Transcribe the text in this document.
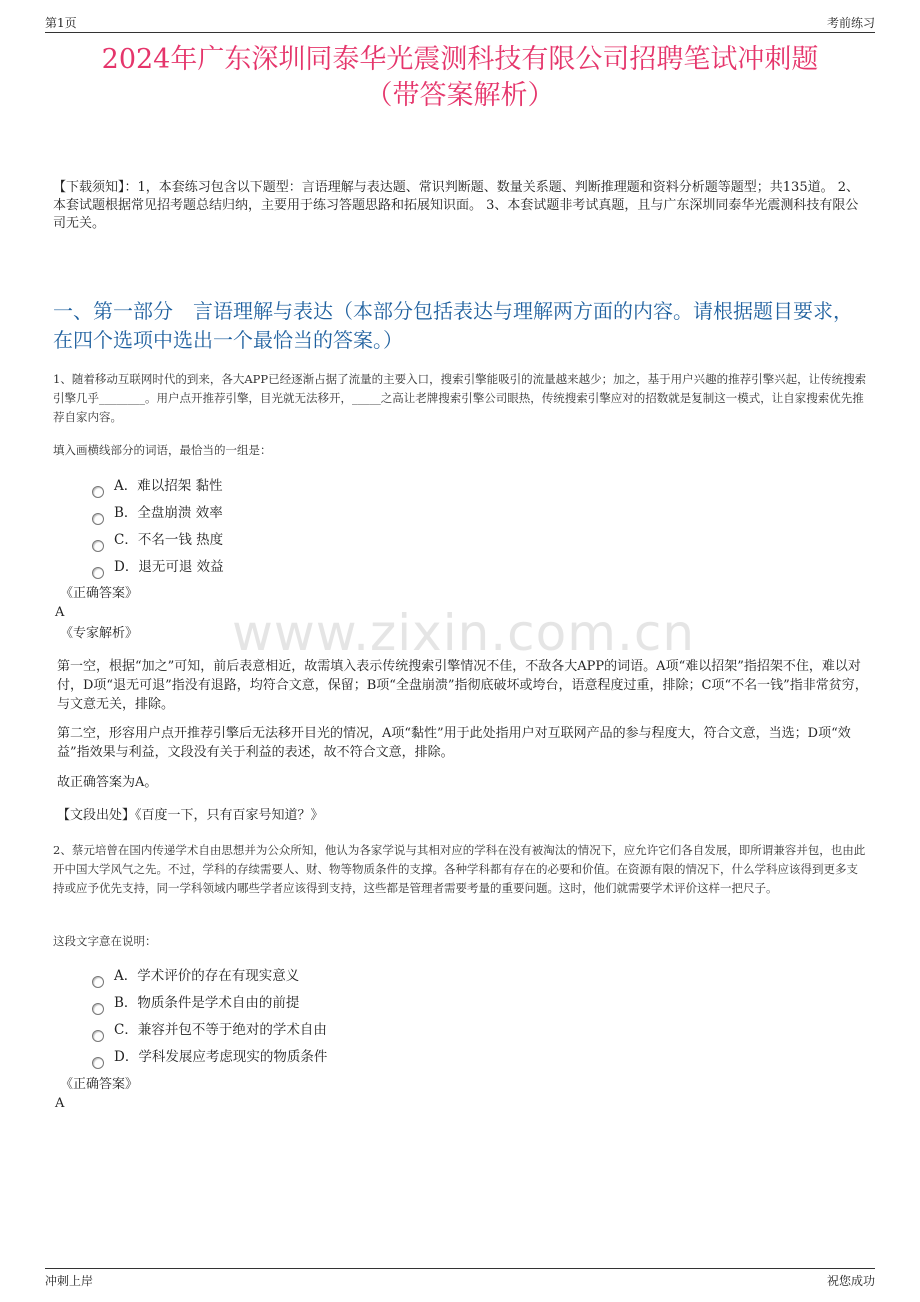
第1页	考前练习
2024年广东深圳同泰华光震测科技有限公司招聘笔试冲刺题
（带答案解析）
【下载须知】：1，本套练习包含以下题型：言语理解与表达题、常识判断题、数量关系题、判断推理题和资料分析题等题型；共135道。 2、本套试题根据常见招考题总结归纳，主要用于练习答题思路和拓展知识面。 3、本套试题非考试真题，且与广东深圳同泰华光震测科技有限公司无关。
一、第一部分　言语理解与表达（本部分包括表达与理解两方面的内容。请根据题目要求，在四个选项中选出一个最恰当的答案。）
1、随着移动互联网时代的到来，各大APP已经逐渐占据了流量的主要入口，搜索引擎能吸引的流量越来越少；加之，基于用户兴趣的推荐引擎兴起，让传统搜索引擎几乎________。用户点开推荐引擎，目光就无法移开，_____之高让老牌搜索引擎公司眼热，传统搜索引擎应对的招数就是复制这一模式，让自家搜索优先推荐自家内容。
填入画横线部分的词语，最恰当的一组是：
A．难以招架 黏性
B．全盘崩溃 效率
C．不名一钱 热度
D．退无可退 效益
《正确答案》
A
《专家解析》 www.zixin.com.cn
第一空，根据“加之”可知，前后表意相近，故需填入表示传统搜索引擎情况不佳，不敌各大APP的词语。A项“难以招架”指招架不住，难以对付，D项“退无可退”指没有退路，均符合文意，保留；B项“全盘崩溃”指彻底破坏或垮台，语意程度过重，排除；C项“不名一钱”指非常贫穷，与文意无关，排除。
第二空，形容用户点开推荐引擎后无法移开目光的情况，A项“黏性”用于此处指用户对互联网产品的参与程度大，符合文意，当选；D项“效益”指效果与利益，文段没有关于利益的表述，故不符合文意，排除。
故正确答案为A。
【文段出处】《百度一下，只有百家号知道？》
2、蔡元培曾在国内传递学术自由思想并为公众所知，他认为各家学说与其相对应的学科在没有被淘汰的情况下，应允许它们各自发展，即所谓兼容并包，也由此开中国大学风气之先。不过，学科的存续需要人、财、物等物质条件的支撑。各种学科都有存在的必要和价值。在资源有限的情况下，什么学科应该得到更多支持或应予优先支持，同一学科领域内哪些学者应该得到支持，这些都是管理者需要考量的重要问题。这时，他们就需要学术评价这样一把尺子。
这段文字意在说明：
A．学术评价的存在有现实意义
B．物质条件是学术自由的前提
C．兼容并包不等于绝对的学术自由
D．学科发展应考虑现实的物质条件
《正确答案》
A
冲刺上岸	祝您成功
